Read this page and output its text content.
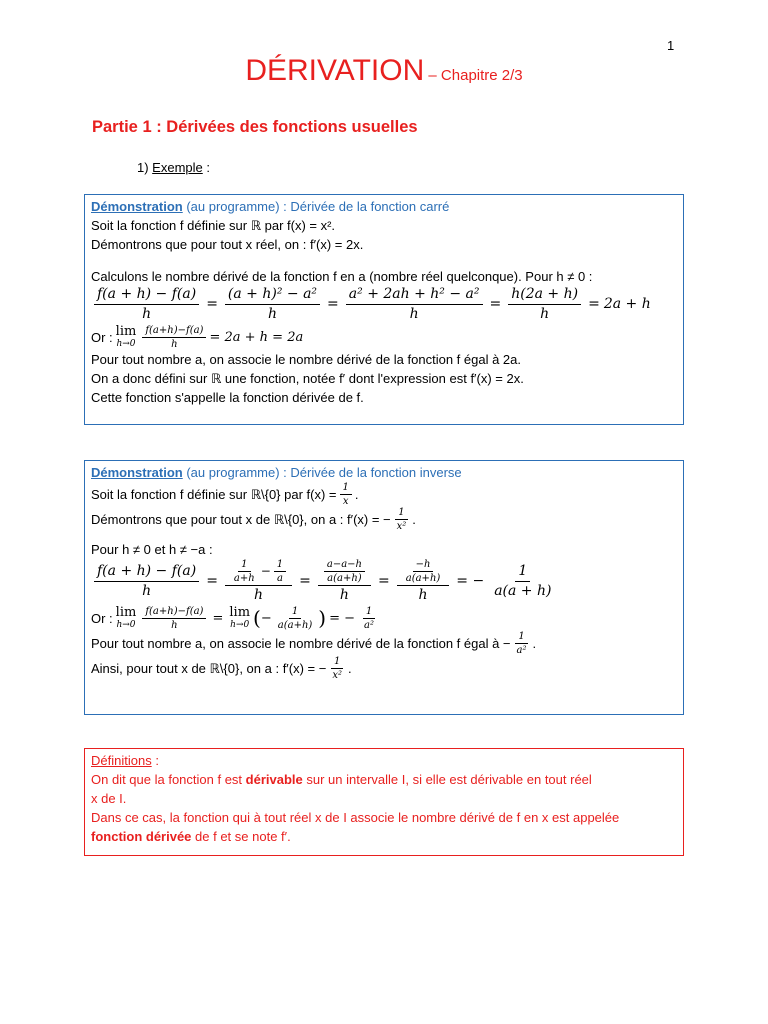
1
DÉRIVATION – Chapitre 2/3
Partie 1 : Dérivées des fonctions usuelles
1) Exemple :
Démonstration (au programme) : Dérivée de la fonction carré
Soit la fonction f définie sur ℝ par f(x) = x².
Démontrons que pour tout x réel, on : f′(x) = 2x.
Calculons le nombre dérivé de la fonction f en a (nombre réel quelconque). Pour h ≠ 0 :
$\frac{f(a + h) - f(a)}{h} = \frac{\text{(a + h)² − a²}}{h} = \frac{\text{a² + 2ah + h² − a²}}{h} = \frac{h(2a + h)}{h} = 2a + h$
Or : lim
$h\to 0 \frac{f(a+h)-f(a)}{h} = 2a + h = 2a$
Pour tout nombre a, on associe le nombre dérivé de la fonction f égal à 2a.
On a donc défini sur ℝ une fonction, notée f′ dont l'expression est f′(x) = 2x.
Cette fonction s'appelle la fonction dérivée de f.
Démonstration (au programme) : Dérivée de la fonction inverse
Soit la fonction f définie sur ℝ\{0} par $f(x) = \frac{1}{x}$ .
Démontrons que pour tout x de ℝ\{0}, on a : f′(x) = − $\frac{1}{\text{x²}}$ .
Pour h ≠ 0 et h ≠ −a :
$\frac{f(a + h) - f(a)}{h} = \frac{\frac{1}{a+h} - \frac{1}{a}}{h} = \frac{\frac{a-a-h}{a(a+h)}}{h} = \frac{\frac{-h}{a(a+h)}}{h}$ = − $\frac{1}{a(a + h)}$
Or : lim
$h\to 0 \frac{f(a+h)-f(a)}{h} = \lim$
h→0 ( − $\frac{1}{a(a+h)}$ ) = − $\frac{1}{\text{a²}}$
Pour tout nombre a, on associe le nombre dérivé de la fonction f égal à − $\frac{1}{\text{a²}}$ .
Ainsi, pour tout x de ℝ\{0}, on a : f′(x) = − $\frac{1}{\text{x²}}$ .
Définitions :
On dit que la fonction f est dérivable sur un intervalle I, si elle est dérivable en tout réel
x de I.
Dans ce cas, la fonction qui à tout réel x de I associe le nombre dérivé de f en x est appelée
fonction dérivée de f et se note f′.
